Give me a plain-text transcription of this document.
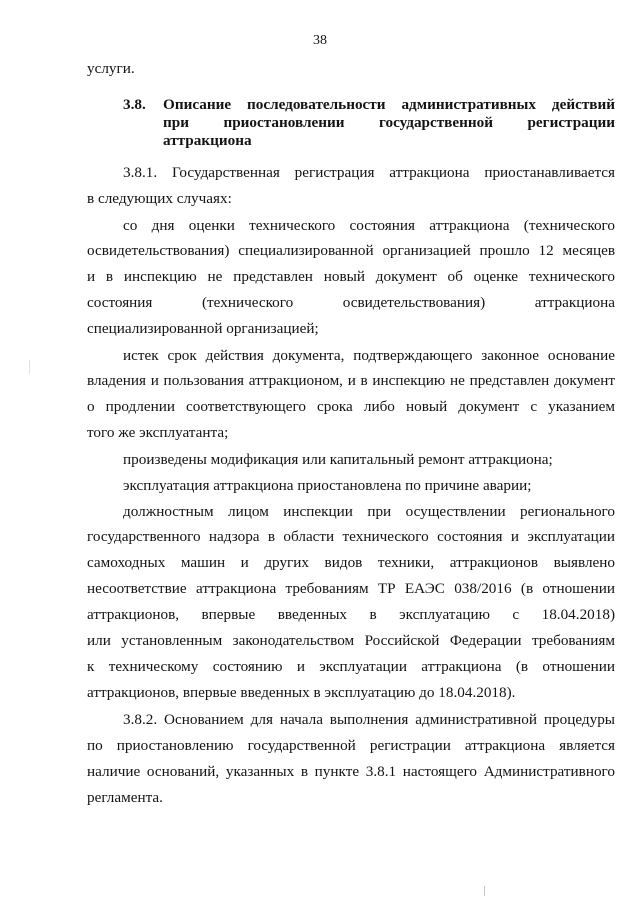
38
услуги.
3.8. Описание последовательности административных действий
при приостановлении государственной регистрации
аттракциона
3.8.1. Государственная регистрация аттракциона приостанавливается
в следующих случаях:
со дня оценки технического состояния аттракциона (технического
освидетельствования) специализированной организацией прошло 12 месяцев
и в инспекцию не представлен новый документ об оценке технического
состояния (технического освидетельствования) аттракциона
специализированной организацией;
истек срок действия документа, подтверждающего законное основание
владения и пользования аттракционом, и в инспекцию не представлен документ
о продлении соответствующего срока либо новый документ с указанием
того же эксплуатанта;
произведены модификация или капитальный ремонт аттракциона;
эксплуатация аттракциона приостановлена по причине аварии;
должностным лицом инспекции при осуществлении регионального
государственного надзора в области технического состояния и эксплуатации
самоходных машин и других видов техники, аттракционов выявлено
несоответствие аттракциона требованиям ТР ЕАЭС 038/2016 (в отношении
аттракционов, впервые введенных в эксплуатацию с 18.04.2018)
или установленным законодательством Российской Федерации требованиям
к техническому состоянию и эксплуатации аттракциона (в отношении
аттракционов, впервые введенных в эксплуатацию до 18.04.2018).
3.8.2. Основанием для начала выполнения административной процедуры
по приостановлению государственной регистрации аттракциона является
наличие оснований, указанных в пункте 3.8.1 настоящего Административного
регламента.
